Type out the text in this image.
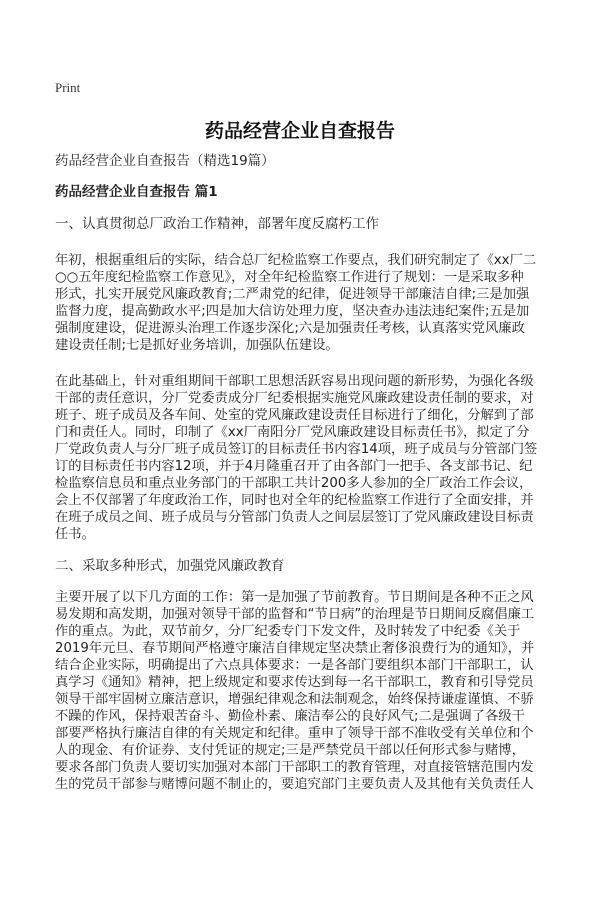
Print
药品经营企业自查报告
药品经营企业自查报告（精选19篇）
药品经营企业自查报告 篇1
一、认真贯彻总厂政治工作精神，部署年度反腐朽工作
年初，根据重组后的实际，结合总厂纪检监察工作要点，我们研究制定了《xx厂二
○○五年度纪检监察工作意见》，对全年纪检监察工作进行了规划：一是采取多种
形式，扎实开展党风廉政教育;二严肃党的纪律，促进领导干部廉洁自律;三是加强
监督力度，提高勤政水平;四是加大信访处理力度，坚决查办违法违纪案件;五是加
强制度建设，促进源头治理工作逐步深化;六是加强责任考核，认真落实党风廉政
建设责任制;七是抓好业务培训，加强队伍建设。
在此基础上，针对重组期间干部职工思想活跃容易出现问题的新形势，为强化各级
干部的责任意识，分厂党委责成分厂纪委根据实施党风廉政建设责任制的要求，对
班子、班子成员及各车间、处室的党风廉政建设责任目标进行了细化，分解到了部
门和责任人。同时，印制了《xx厂南阳分厂党风廉政建设目标责任书》，拟定了分
厂党政负责人与分厂班子成员签订的目标责任书内容14项，班子成员与分管部门签
订的目标责任书内容12项，并于4月隆重召开了由各部门一把手、各支部书记、纪
检监察信息员和重点业务部门的干部职工共计200多人参加的全厂政治工作会议，
会上不仅部署了年度政治工作，同时也对全年的纪检监察工作进行了全面安排，并
在班子成员之间、班子成员与分管部门负责人之间层层签订了党风廉政建设目标责
任书。
二、采取多种形式，加强党风廉政教育
主要开展了以下几方面的工作：第一是加强了节前教育。节日期间是各种不正之风
易发期和高发期，加强对领导干部的监督和“节日病”的治理是节日期间反腐倡廉工
作的重点。为此，双节前夕，分厂纪委专门下发文件，及时转发了中纪委《关于
2019年元旦、春节期间严格遵守廉洁自律规定坚决禁止奢侈浪费行为的通知》，并
结合企业实际，明确提出了六点具体要求：一是各部门要组织本部门干部职工，认
真学习《通知》精神，把上级规定和要求传达到每一名干部职工，教育和引导党员
领导干部牢固树立廉洁意识，增强纪律观念和法制观念，始终保持谦虚谨慎、不骄
不躁的作风，保持艰苦奋斗、勤俭朴素、廉洁奉公的良好风气;二是强调了各级干
部要严格执行廉洁自律的有关规定和纪律。重申了领导干部不准收受有关单位和个
人的现金、有价证券、支付凭证的规定;三是严禁党员干部以任何形式参与赌博，
要求各部门负责人要切实加强对本部门干部职工的教育管理，对直接管辖范围内发
生的党员干部参与赌博问题不制止的，要追究部门主要负责人及其他有关负责任人
